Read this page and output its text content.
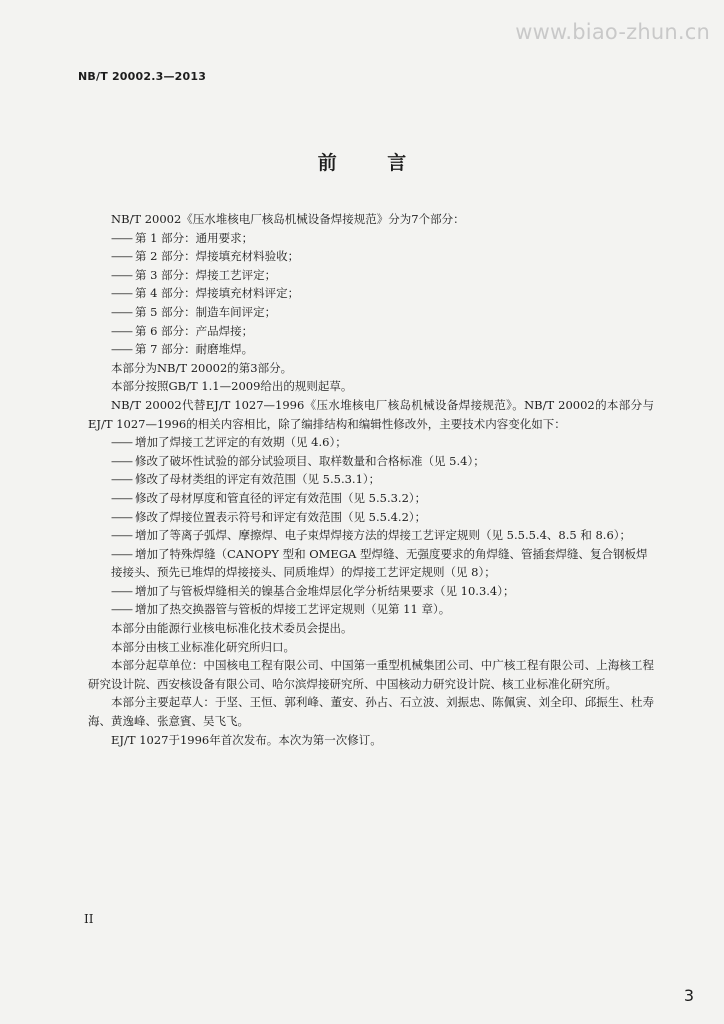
www.biao-zhun.cn
NB/T 20002.3—2013
前 言

NB/T 20002《压水堆核电厂核岛机械设备焊接规范》分为7个部分：

—— 第 1 部分：通用要求；

—— 第 2 部分：焊接填充材料验收；

—— 第 3 部分：焊接工艺评定；

—— 第 4 部分：焊接填充材料评定；

—— 第 5 部分：制造车间评定；

—— 第 6 部分：产品焊接；

—— 第 7 部分：耐磨堆焊。

本部分为NB/T 20002的第3部分。

本部分按照GB/T 1.1—2009给出的规则起草。

NB/T 20002代替EJ/T 1027—1996《压水堆核电厂核岛机械设备焊接规范》。NB/T 20002的本部分与EJ/T 1027—1996的相关内容相比，除了编排结构和编辑性修改外，主要技术内容变化如下：

—— 增加了焊接工艺评定的有效期（见 4.6）；

—— 修改了破坏性试验的部分试验项目、取样数量和合格标准（见 5.4）；

—— 修改了母材类组的评定有效范围（见 5.5.3.1）；

—— 修改了母材厚度和管直径的评定有效范围（见 5.5.3.2）；

—— 修改了焊接位置表示符号和评定有效范围（见 5.5.4.2）；

—— 增加了等离子弧焊、摩擦焊、电子束焊焊接方法的焊接工艺评定规则（见 5.5.5.4、8.5 和 8.6）；

—— 增加了特殊焊缝（CANOPY 型和 OMEGA 型焊缝、无强度要求的角焊缝、管插套焊缝、复合钢板焊接接头、预先已堆焊的焊接接头、同质堆焊）的焊接工艺评定规则（见 8）；

—— 增加了与管板焊缝相关的镍基合金堆焊层化学分析结果要求（见 10.3.4）；

—— 增加了热交换器管与管板的焊接工艺评定规则（见第 11 章）。

本部分由能源行业核电标准化技术委员会提出。

本部分由核工业标准化研究所归口。

本部分起草单位：中国核电工程有限公司、中国第一重型机械集团公司、中广核工程有限公司、上海核工程研究设计院、西安核设备有限公司、哈尔滨焊接研究所、中国核动力研究设计院、核工业标准化研究所。

本部分主要起草人：于坚、王恒、郭利峰、董安、孙占、石立波、刘振忠、陈佩寅、刘全印、邱振生、杜寿海、黄逸峰、张意賓、吴飞飞。

EJ/T 1027于1996年首次发布。本次为第一次修订。

II
3
